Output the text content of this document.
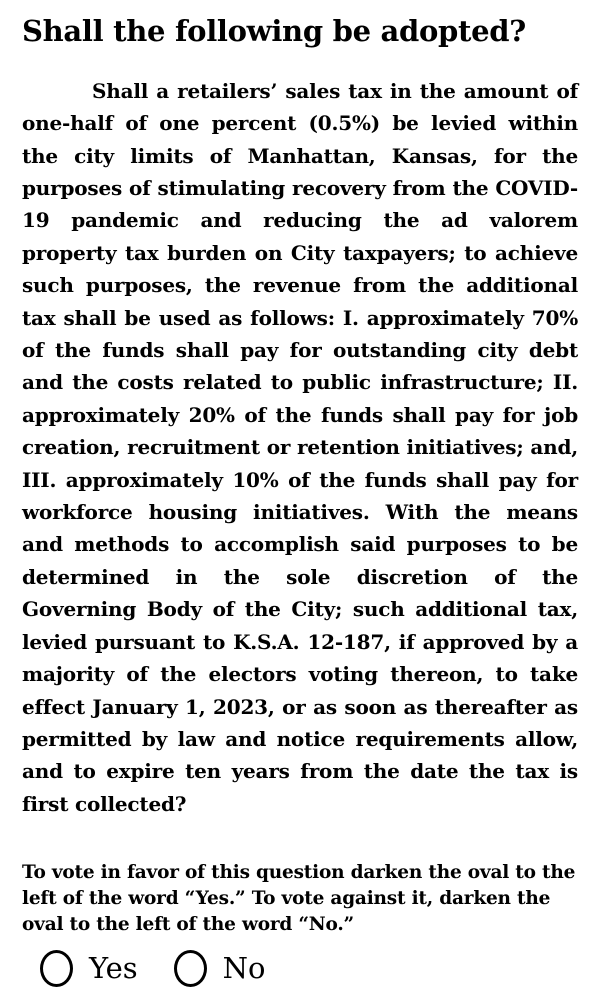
Shall the following be adopted?

Shall a retailers’ sales tax in the amount of one-half of one percent (0.5%) be levied within the city limits of Manhattan, Kansas, for the purposes of stimulating recovery from the COVID-19 pandemic and reducing the ad valorem property tax burden on City taxpayers; to achieve such purposes, the revenue from the additional tax shall be used as follows: I. approximately 70% of the funds shall pay for outstanding city debt and the costs related to public infrastructure; II. approximately 20% of the funds shall pay for job creation, recruitment or retention initiatives; and, III. approximately 10% of the funds shall pay for workforce housing initiatives. With the means and methods to accomplish said purposes to be determined in the sole discretion of the Governing Body of the City; such additional tax, levied pursuant to K.S.A. 12-187, if approved by a majority of the electors voting thereon, to take effect January 1, 2023, or as soon as thereafter as permitted by law and notice requirements allow, and to expire ten years from the date the tax is first collected?

To vote in favor of this question darken the oval to the left of the word “Yes.” To vote against it, darken the oval to the left of the word “No.”

Yes	No
